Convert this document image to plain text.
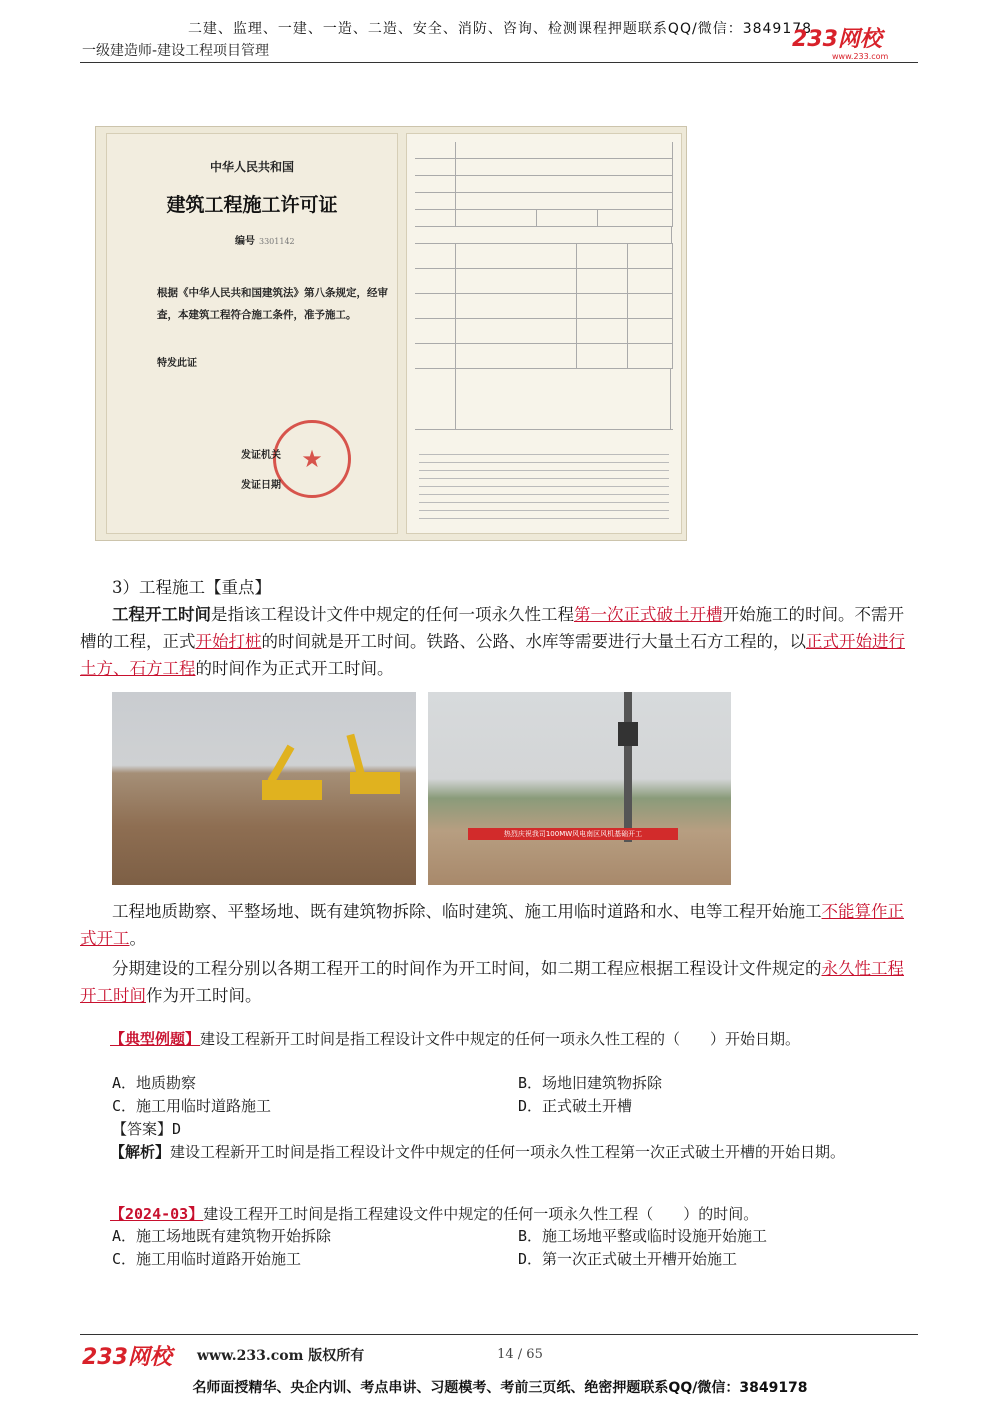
二建、监理、一建、一造、二造、安全、消防、咨询、检测课程押题联系QQ/微信：3849178
一级建造师-建设工程项目管理	233网校
www.233.com
中华人民共和国
建筑工程施工许可证
编号 3301142
根据《中华人民共和国建筑法》第八条规定，经审查，本建筑工程符合施工条件，准予施工。
特发此证
★
发证机关
发证日期
3）工程施工【重点】
工程开工时间是指该工程设计文件中规定的任何一项永久性工程第一次正式破土开槽开始施工的时间。不需开槽的工程，正式开始打桩的时间就是开工时间。铁路、公路、水库等需要进行大量土石方工程的，以正式开始进行土方、石方工程的时间作为正式开工时间。
热烈庆祝我司100MW风电南区风机基础开工
工程地质勘察、平整场地、既有建筑物拆除、临时建筑、施工用临时道路和水、电等工程开始施工不能算作正式开工。
分期建设的工程分别以各期工程开工的时间作为开工时间，如二期工程应根据工程设计文件规定的永久性工程开工时间作为开工时间。
【典型例题】建设工程新开工时间是指工程设计文件中规定的任何一项永久性工程的（　　）开始日期。
A．地质勘察	B．场地旧建筑物拆除
C．施工用临时道路施工	D．正式破土开槽
【答案】D
【解析】建设工程新开工时间是指工程设计文件中规定的任何一项永久性工程第一次正式破土开槽的开始日期。
【2024-03】建设工程开工时间是指工程建设文件中规定的任何一项永久性工程（　　）的时间。
A．施工场地既有建筑物开始拆除	B．施工场地平整或临时设施开始施工
C．施工用临时道路开始施工	D．第一次正式破土开槽开始施工
233网校 www.233.com 版权所有	14 / 65
名师面授精华、央企内训、考点串讲、习题模考、考前三页纸、绝密押题联系QQ/微信：3849178
